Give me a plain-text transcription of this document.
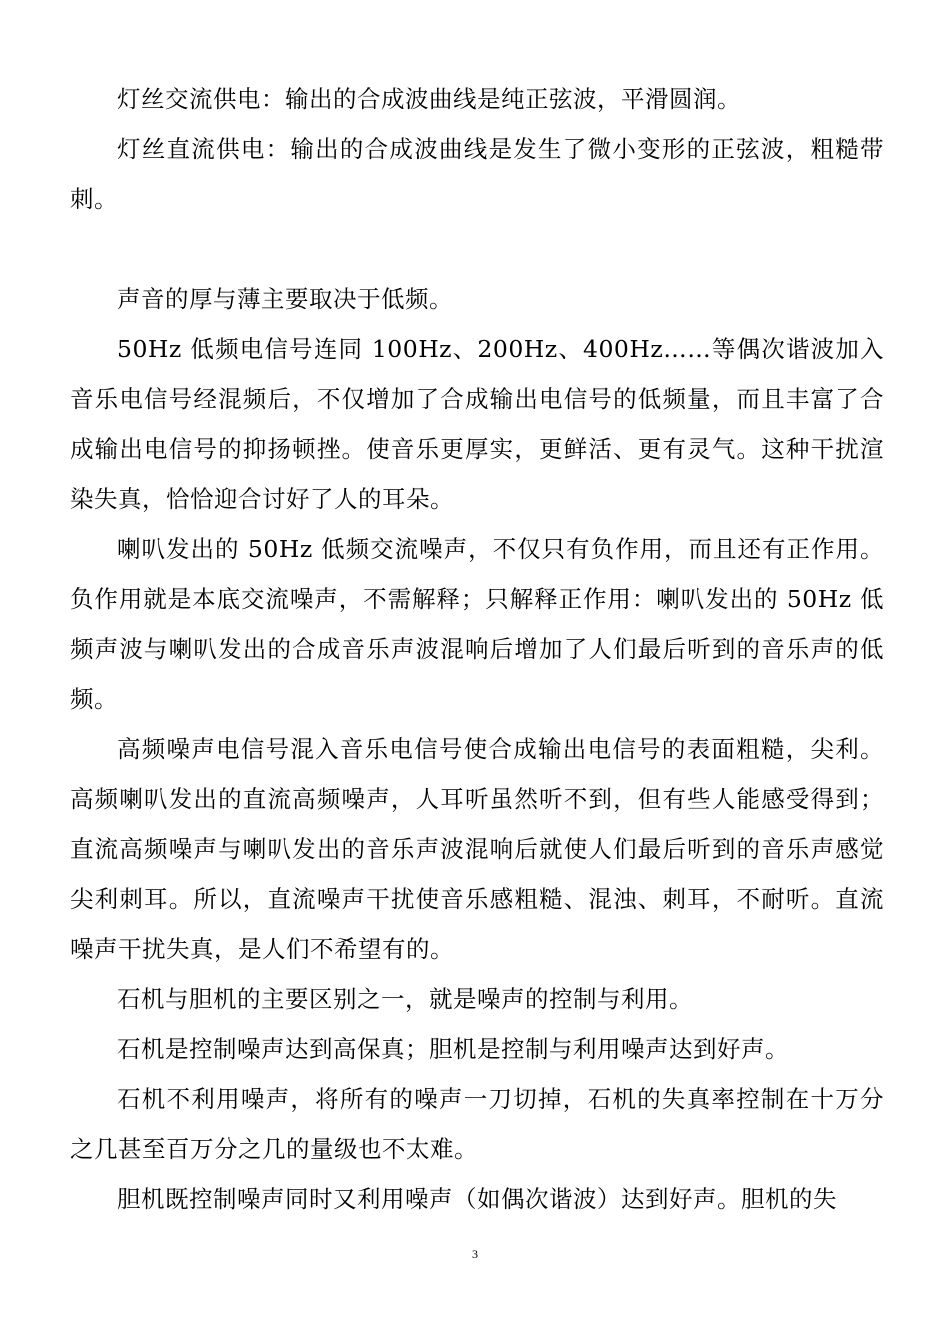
灯丝交流供电：输出的合成波曲线是纯正弦波，平滑圆润。

灯丝直流供电：输出的合成波曲线是发生了微小变形的正弦波，粗糙带刺。

声音的厚与薄主要取决于低频。

50Hz 低频电信号连同 100Hz、200Hz、400Hz……等偶次谐波加入音乐电信号经混频后，不仅增加了合成输出电信号的低频量，而且丰富了合成输出电信号的抑扬顿挫。使音乐更厚实，更鲜活、更有灵气。这种干扰渲染失真，恰恰迎合讨好了人的耳朵。

喇叭发出的 50Hz 低频交流噪声，不仅只有负作用，而且还有正作用。负作用就是本底交流噪声，不需解释；只解释正作用：喇叭发出的 50Hz 低频声波与喇叭发出的合成音乐声波混响后增加了人们最后听到的音乐声的低频。

高频噪声电信号混入音乐电信号使合成输出电信号的表面粗糙，尖利。高频喇叭发出的直流高频噪声，人耳听虽然听不到，但有些人能感受得到；直流高频噪声与喇叭发出的音乐声波混响后就使人们最后听到的音乐声感觉尖利刺耳。所以，直流噪声干扰使音乐感粗糙、混浊、刺耳，不耐听。直流噪声干扰失真，是人们不希望有的。

石机与胆机的主要区别之一，就是噪声的控制与利用。

石机是控制噪声达到高保真；胆机是控制与利用噪声达到好声。

石机不利用噪声，将所有的噪声一刀切掉，石机的失真率控制在十万分之几甚至百万分之几的量级也不太难。

胆机既控制噪声同时又利用噪声（如偶次谐波）达到好声。胆机的失

3
